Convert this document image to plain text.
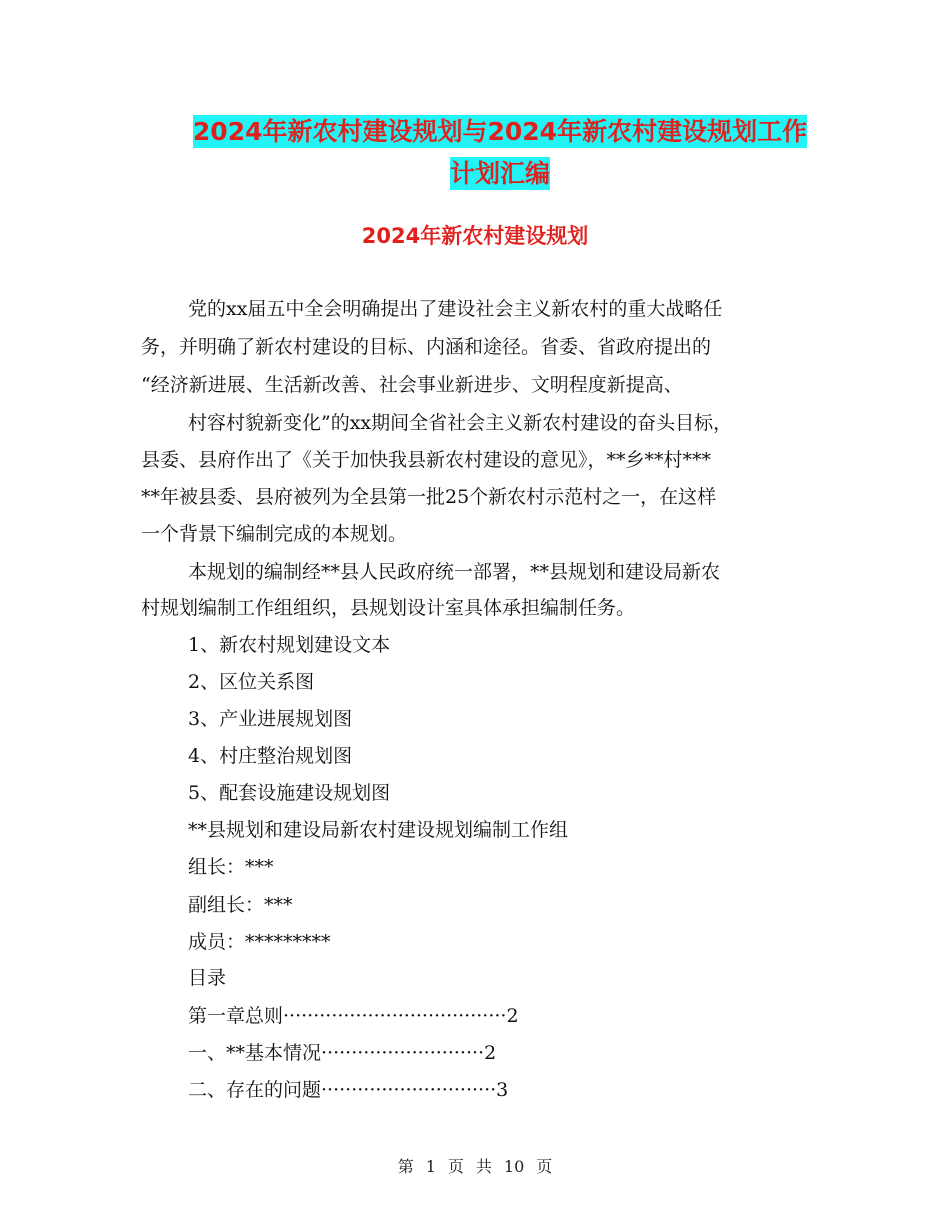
2024年新农村建设规划与2024年新农村建设规划工作
计划汇编
2024年新农村建设规划
党的xx届五中全会明确提出了建设社会主义新农村的重大战略任
务，并明确了新农村建设的目标、内涵和途径。省委、省政府提出的
“经济新进展、生活新改善、社会事业新进步、文明程度新提高、
村容村貌新变化”的xx期间全省社会主义新农村建设的奋头目标，
县委、县府作出了《关于加快我县新农村建设的意见》，**乡**村***
**年被县委、县府被列为全县第一批25个新农村示范村之一，在这样
一个背景下编制完成的本规划。
本规划的编制经**县人民政府统一部署，**县规划和建设局新农
村规划编制工作组组织，县规划设计室具体承担编制任务。
1、新农村规划建设文本
2、区位关系图
3、产业进展规划图
4、村庄整治规划图
5、配套设施建设规划图
**县规划和建设局新农村建设规划编制工作组
组长：***
副组长：***
成员：*********
目录
第一章总则·····································2
一、**基本情况···························2
二、存在的问题·····························3
第 1 页 共 10 页
